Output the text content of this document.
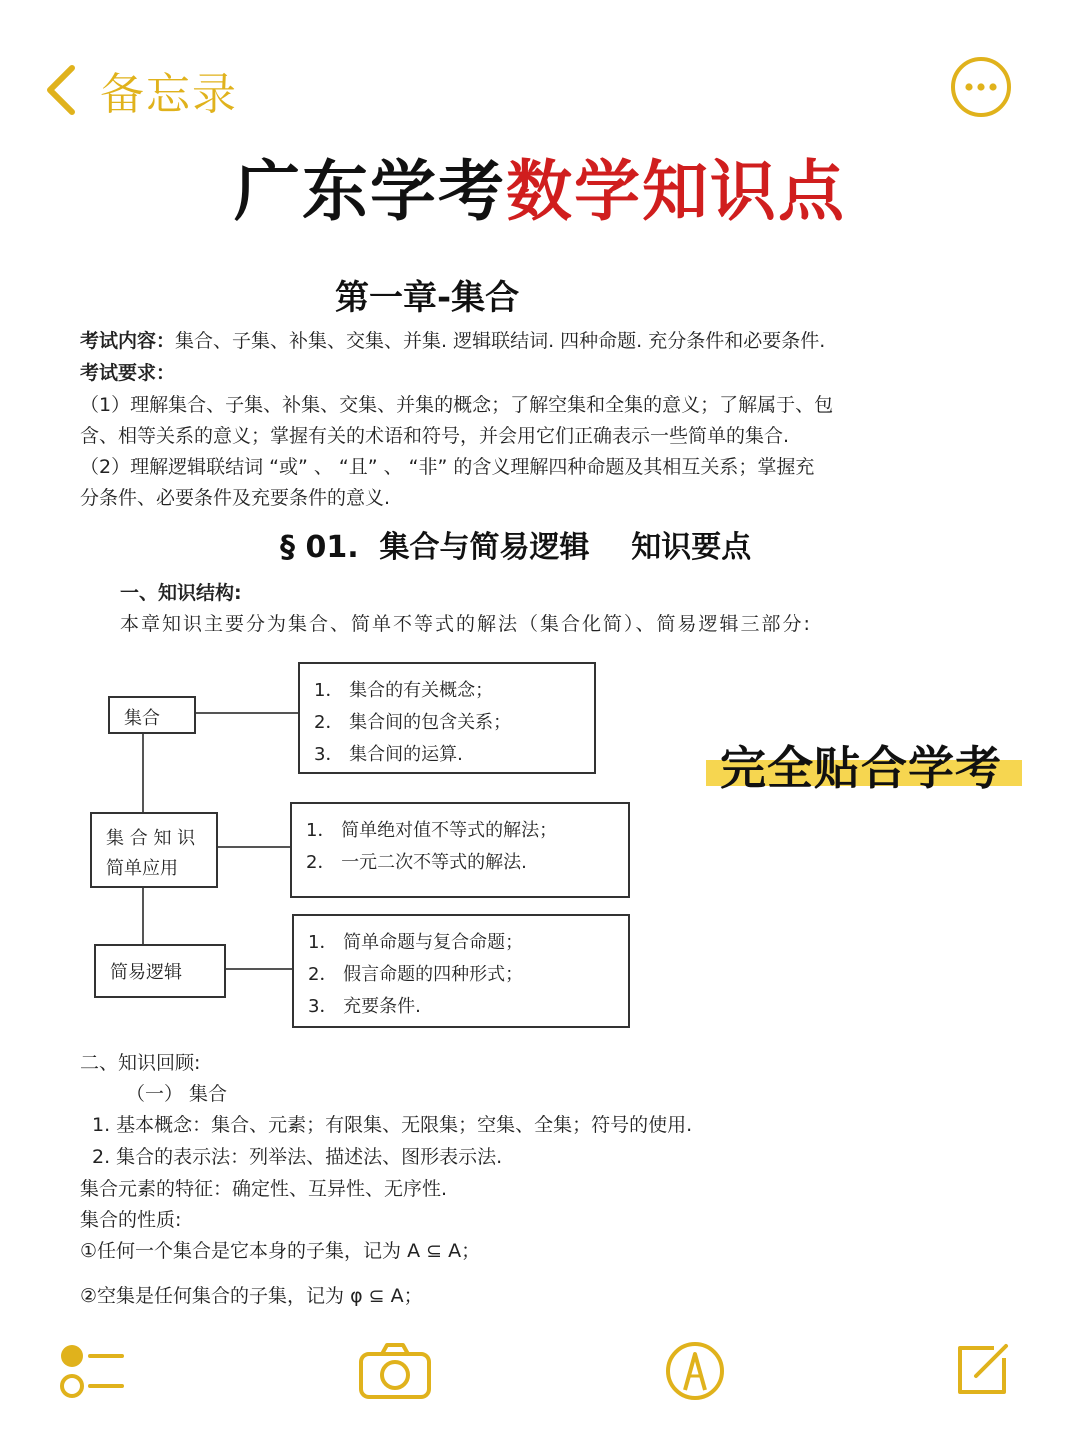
备忘录
广东学考数学知识点
第一章-集合
考试内容：集合、子集、补集、交集、并集. 逻辑联结词. 四种命题. 充分条件和必要条件.
考试要求：
（1）理解集合、子集、补集、交集、并集的概念；了解空集和全集的意义；了解属于、包
含、相等关系的意义；掌握有关的术语和符号，并会用它们正确表示一些简单的集合.
（2）理解逻辑联结词 “或” 、 “且” 、 “非” 的含义理解四种命题及其相互关系；掌握充
分条件、必要条件及充要条件的意义.
§ 01.  集合与简易逻辑    知识要点
一、知识结构:
本章知识主要分为集合、简单不等式的解法（集合化简）、简易逻辑三部分:
集合
集 合 知 识
简单应用
简易逻辑
1． 集合的有关概念；
2． 集合间的包含关系；
3． 集合间的运算.
1． 简单绝对值不等式的解法；
2． 一元二次不等式的解法.
1． 简单命题与复合命题；
2． 假言命题的四种形式；
3． 充要条件.
二、知识回顾:
（一） 集合
1. 基本概念：集合、元素；有限集、无限集；空集、全集；符号的使用.
2. 集合的表示法：列举法、描述法、图形表示法.
集合元素的特征：确定性、互异性、无序性.
集合的性质:
①任何一个集合是它本身的子集，记为 A ⊆ A；
②空集是任何集合的子集，记为 φ ⊆ A；
完全贴合学考
